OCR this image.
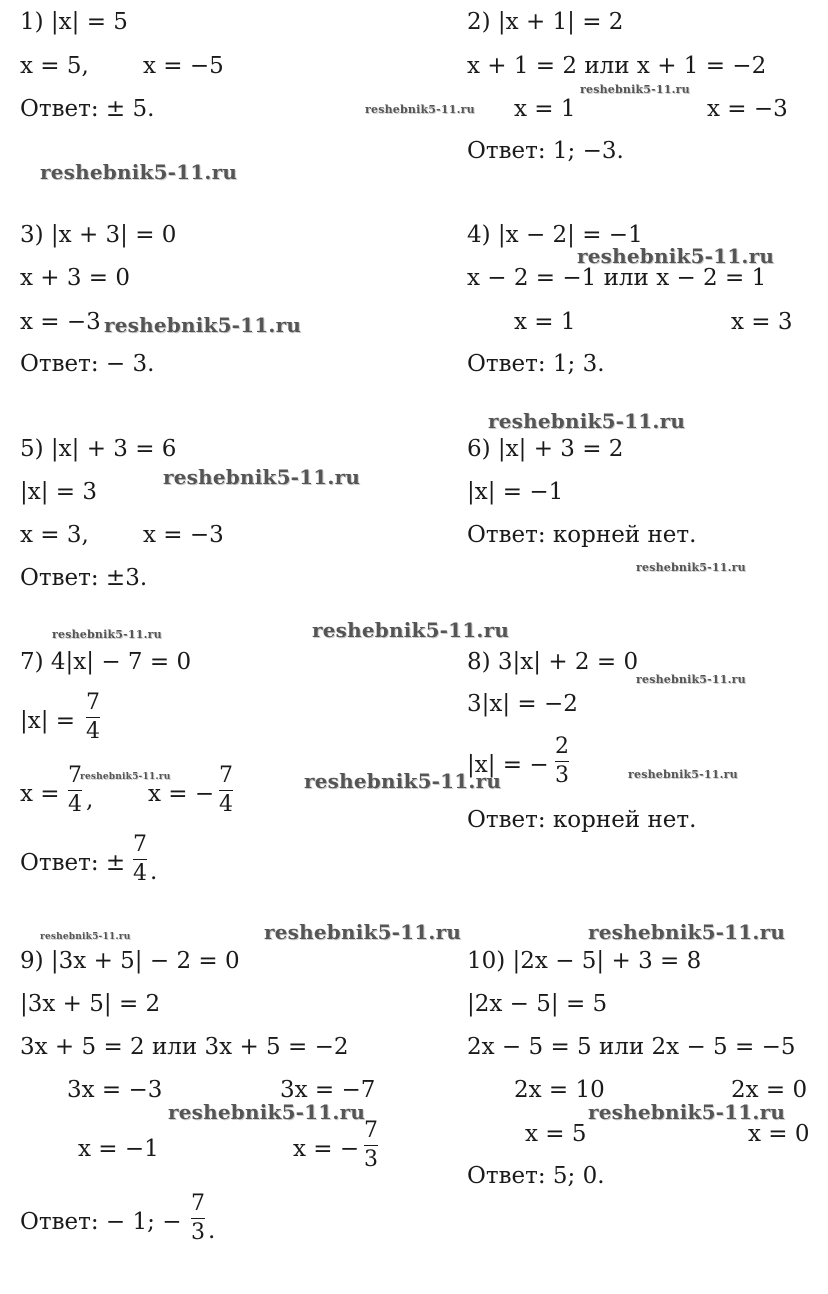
1) |x| = 5
x = 5, x = −5
Ответ: ± 5.
2) |x + 1| = 2
x + 1 = 2 или x + 1 = −2
x = 1	x = −3
Ответ: 1; −3.
3) |x + 3| = 0
x + 3 = 0
x = −3
Ответ: − 3.
4) |x − 2| = −1
x − 2 = −1 или x − 2 = 1
x = 1	x = 3
Ответ: 1; 3.
5) |x| + 3 = 6
|x| = 3
x = 3, x = −3
Ответ: ±3.
6) |x| + 3 = 2
|x| = −1
Ответ: корней нет.
7) 4|x| − 7 = 0
|x| =
7
4
x =
7
4 , x = −
7
4
Ответ: ±
7
4 .
8) 3|x| + 2 = 0
3|x| = −2
|x| = −
2
3
Ответ: корней нет.
9) |3x + 5| − 2 = 0
|3x + 5| = 2
3x + 5 = 2 или 3x + 5 = −2
3x = −3	3x = −7
x = −1	x = −
7
3
Ответ: − 1; −
7
3 .
10) |2x − 5| + 3 = 8
|2x − 5| = 5
2x − 5 = 5 или 2x − 5 = −5
2x = 10	2x = 0
x = 5	x = 0
Ответ: 5; 0.
reshebnik5-11.ru
reshebnik5-11.ru
reshebnik5-11.ru
reshebnik5-11.ru
reshebnik5-11.ru
reshebnik5-11.ru
reshebnik5-11.ru
reshebnik5-11.ru
reshebnik5-11.ru	reshebnik5-11.ru
reshebnik5-11.ru
reshebnik5-11.ru	reshebnik5-11.ru	reshebnik5-11.ru
reshebnik5-11.ru	reshebnik5-11.ru	reshebnik5-11.ru
reshebnik5-11.ru	reshebnik5-11.ru
